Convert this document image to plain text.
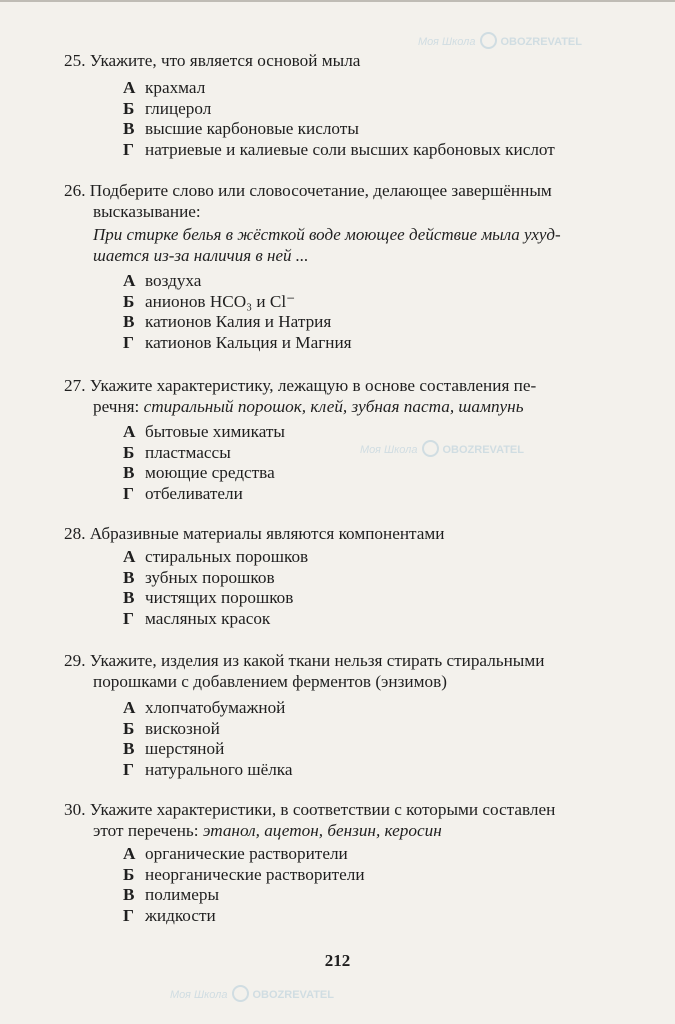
25. Укажите, что является основой мыла

А крахмал
Б глицерол
В высшие карбоновые кислоты
Г натриевые и калиевые соли высших карбоновых кислот

26. Подберите слово или словосочетание, делающее завершённым
высказывание:

При стирке белья в жёсткой воде моющее действие мыла ухуд-
шается из-за наличия в ней ...
А воздуха
Б анионов HCO₃ и Cl⁻
В катионов Калия и Натрия
Г катионов Кальция и Магния

27. Укажите характеристику, лежащую в основе составления пе-
речня: стиральный порошок, клей, зубная паста, шампунь

А бытовые химикаты
Б пластмассы
В моющие средства
Г отбеливатели

28. Абразивные материалы являются компонентами

А стиральных порошков
В зубных порошков
В чистящих порошков
Г масляных красок

29. Укажите, изделия из какой ткани нельзя стирать стиральными
порошками с добавлением ферментов (энзимов)

А хлопчатобумажной
Б вискозной
В шерстяной
Г натурального шёлка

30. Укажите характеристики, в соответствии с которыми составлен
этот перечень: этанол, ацетон, бензин, керосин

А органические растворители
Б неорганические растворители
В полимеры
Г жидкости
212
Моя Школа OBOZREVATEL
Моя Школа OBOZREVATEL
Моя Школа OBOZREVATEL
